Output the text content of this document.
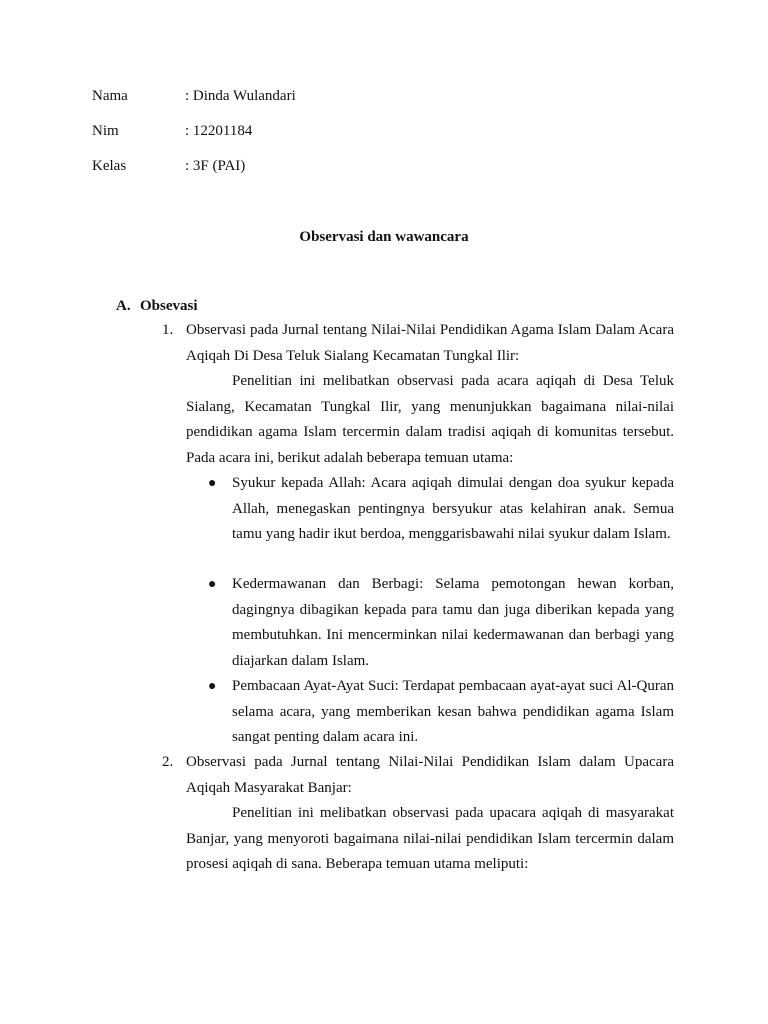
Nama	: Dinda Wulandari
Nim	: 12201184
Kelas	: 3F (PAI)
Observasi dan wawancara
A. Obsevasi
1. Observasi pada Jurnal tentang Nilai-Nilai Pendidikan Agama Islam Dalam Acara Aqiqah Di Desa Teluk Sialang Kecamatan Tungkal Ilir:

Penelitian ini melibatkan observasi pada acara aqiqah di Desa Teluk Sialang, Kecamatan Tungkal Ilir, yang menunjukkan bagaimana nilai-nilai pendidikan agama Islam tercermin dalam tradisi aqiqah di komunitas tersebut. Pada acara ini, berikut adalah beberapa temuan utama:

● Syukur kepada Allah: Acara aqiqah dimulai dengan doa syukur kepada Allah, menegaskan pentingnya bersyukur atas kelahiran anak. Semua tamu yang hadir ikut berdoa, menggarisbawahi nilai syukur dalam Islam.

● Kedermawanan dan Berbagi: Selama pemotongan hewan korban, dagingnya dibagikan kepada para tamu dan juga diberikan kepada yang membutuhkan. Ini mencerminkan nilai kedermawanan dan berbagi yang diajarkan dalam Islam.

● Pembacaan Ayat-Ayat Suci: Terdapat pembacaan ayat-ayat suci Al-Quran selama acara, yang memberikan kesan bahwa pendidikan agama Islam sangat penting dalam acara ini.

2. Observasi pada Jurnal tentang Nilai-Nilai Pendidikan Islam dalam Upacara Aqiqah Masyarakat Banjar:

Penelitian ini melibatkan observasi pada upacara aqiqah di masyarakat Banjar, yang menyoroti bagaimana nilai-nilai pendidikan Islam tercermin dalam prosesi aqiqah di sana. Beberapa temuan utama meliputi:
